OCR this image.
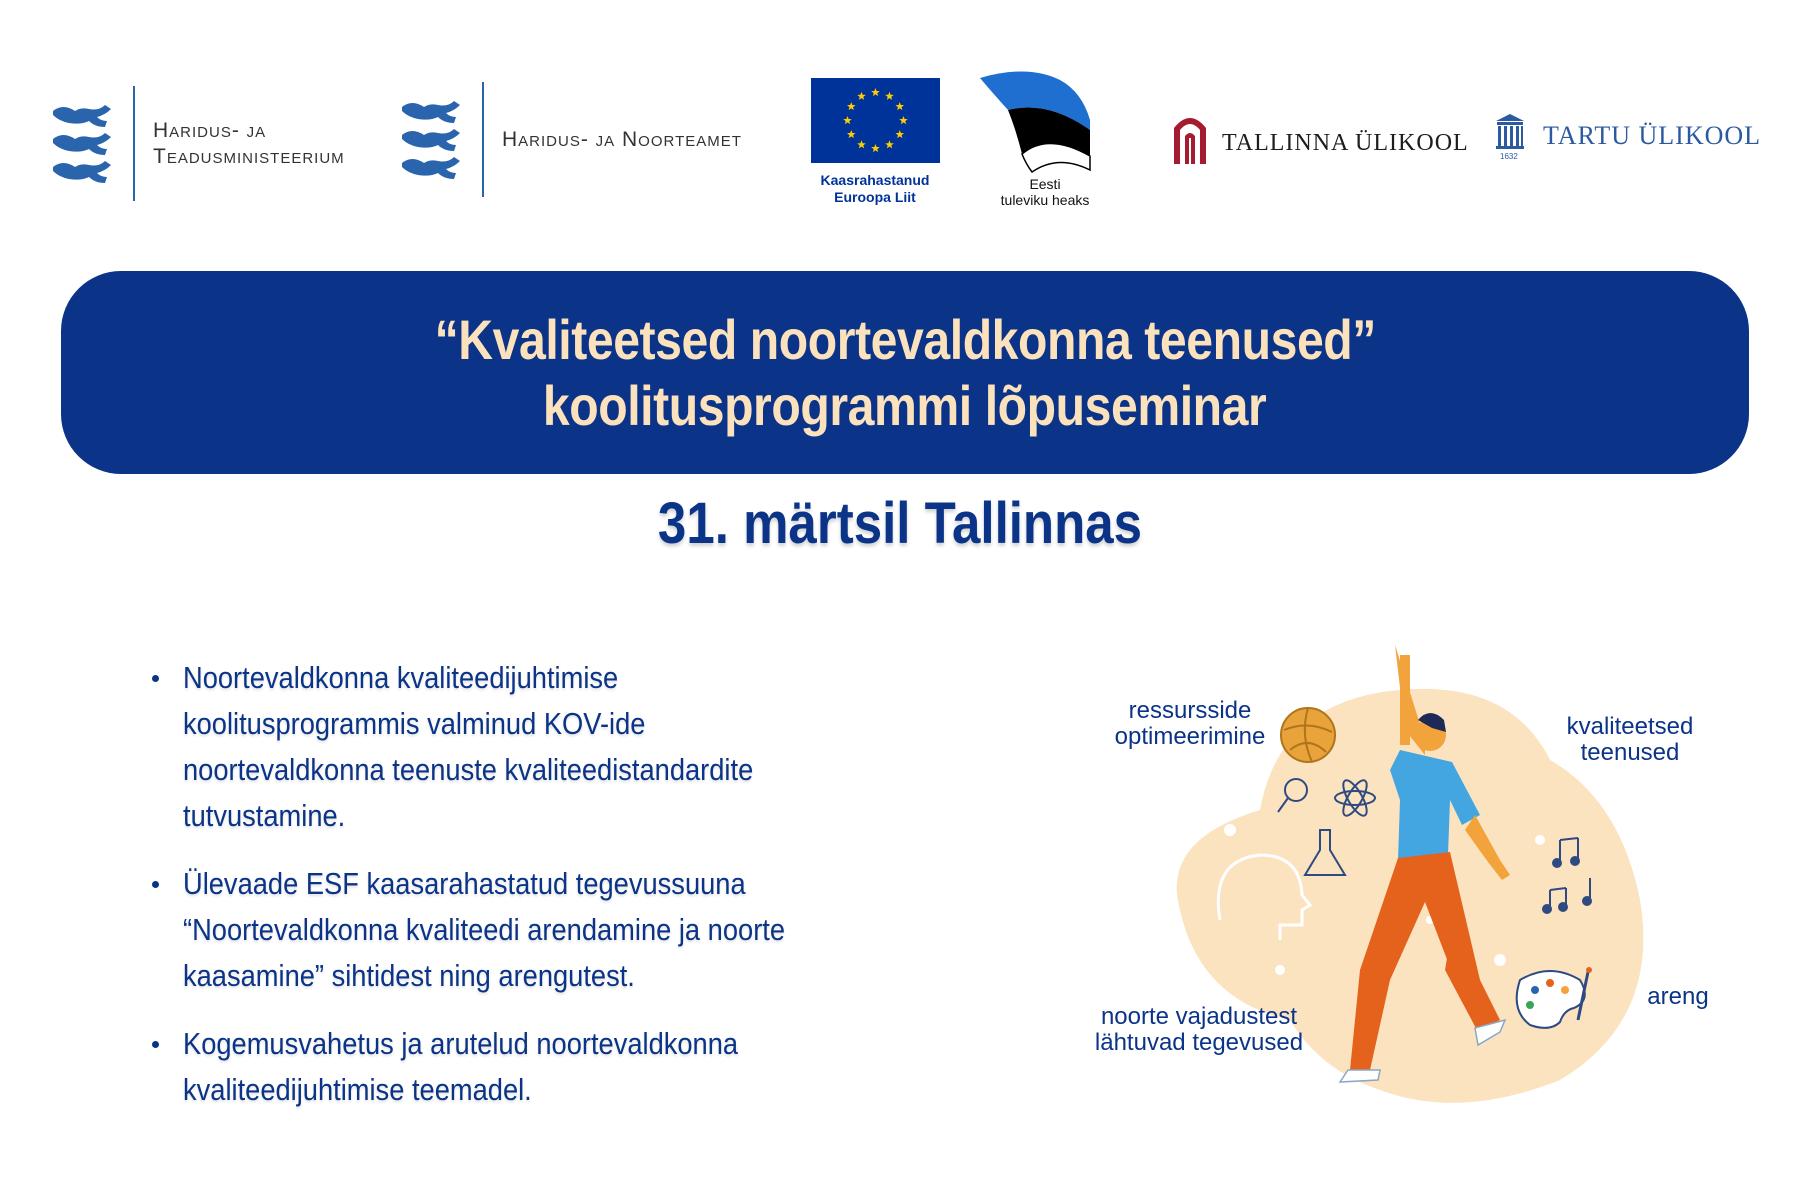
Haridus- ja
Teadusministeerium
Haridus- ja Noorteamet
Kaasrahastanud
Euroopa Liit
Eesti
tuleviku heaks
TALLINNA ÜLIKOOL
1632
TARTU ÜLIKOOL
“Kvaliteetsed noortevaldkonna teenused”
koolitusprogrammi lõpuseminar
31. märtsil Tallinnas
Noortevaldkonna kvaliteedijuhtimise
koolitusprogrammis valminud KOV-ide
noortevaldkonna teenuste kvaliteedistandardite
tutvustamine.
Ülevaade ESF kaasarahastatud tegevussuuna
“Noortevaldkonna kvaliteedi arendamine ja noorte
kaasamine” sihtidest ning arengutest.
Kogemusvahetus ja arutelud noortevaldkonna
kvaliteedijuhtimise teemadel.
ressursside
optimeerimine	kvaliteetsed
teenused
noorte vajadustest
lähtuvad tegevused
areng
